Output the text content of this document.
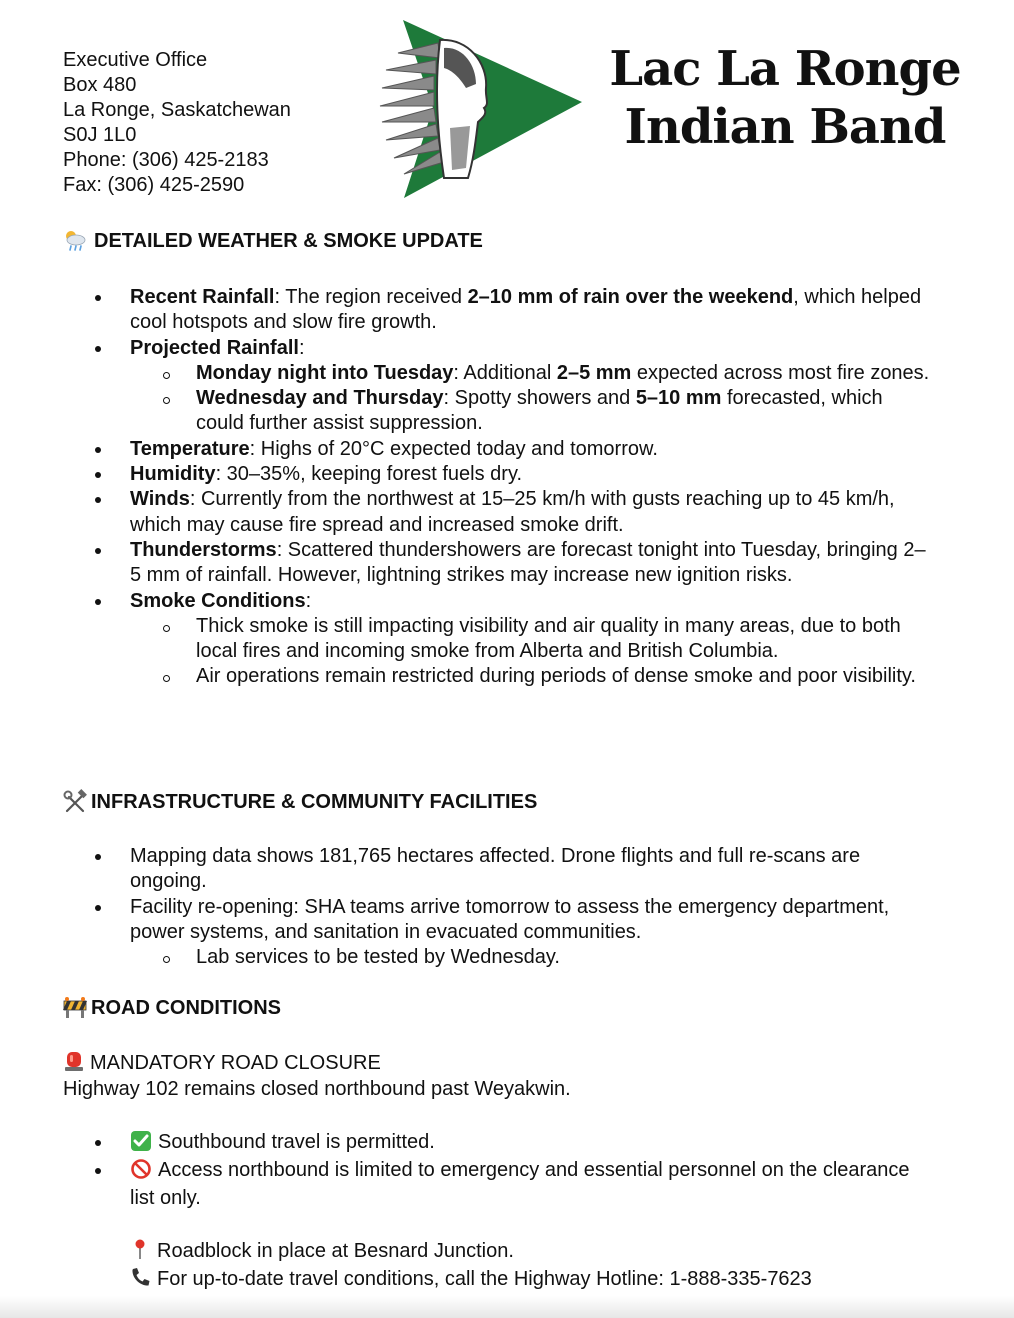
Executive Office
Box 480
La Ronge, Saskatchewan
S0J 1L0
Phone: (306) 425-2183
Fax: (306) 425-2590
Lac La Ronge
Indian Band
DETAILED WEATHER & SMOKE UPDATE
Recent Rainfall: The region received 2–10 mm of rain over the weekend, which helped cool hotspots and slow fire growth.
Projected Rainfall:
Monday night into Tuesday: Additional 2–5 mm expected across most fire zones.
Wednesday and Thursday: Spotty showers and 5–10 mm forecasted, which could further assist suppression.
Temperature: Highs of 20°C expected today and tomorrow.
Humidity: 30–35%, keeping forest fuels dry.
Winds: Currently from the northwest at 15–25 km/h with gusts reaching up to 45 km/h, which may cause fire spread and increased smoke drift.
Thunderstorms: Scattered thundershowers are forecast tonight into Tuesday, bringing 2–5 mm of rainfall. However, lightning strikes may increase new ignition risks.
Smoke Conditions:
Thick smoke is still impacting visibility and air quality in many areas, due to both local fires and incoming smoke from Alberta and British Columbia.
Air operations remain restricted during periods of dense smoke and poor visibility.
INFRASTRUCTURE & COMMUNITY FACILITIES
Mapping data shows 181,765 hectares affected. Drone flights and full re-scans are ongoing.
Facility re-opening: SHA teams arrive tomorrow to assess the emergency department, power systems, and sanitation in evacuated communities.
Lab services to be tested by Wednesday.
ROAD CONDITIONS
MANDATORY ROAD CLOSURE
Highway 102 remains closed northbound past Weyakwin.
Southbound travel is permitted.
Access northbound is limited to emergency and essential personnel on the clearance list only.
Roadblock in place at Besnard Junction.
For up-to-date travel conditions, call the Highway Hotline: 1-888-335-7623
